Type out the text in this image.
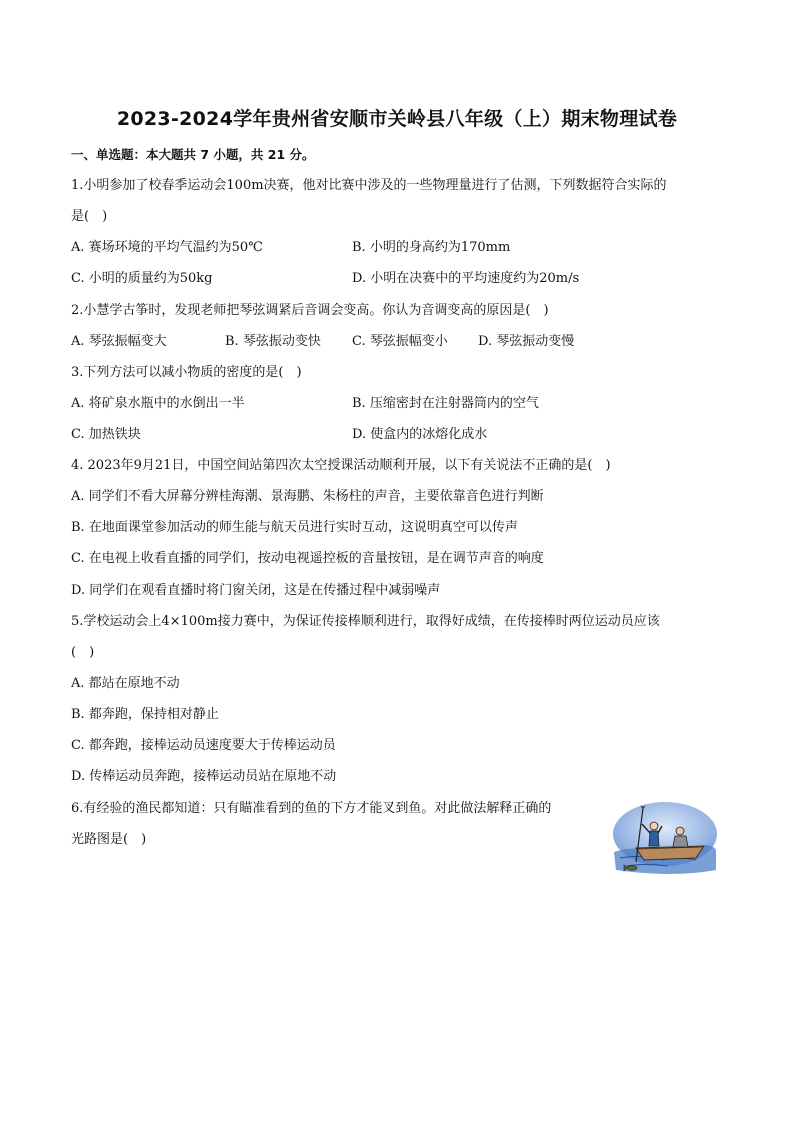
2023-2024学年贵州省安顺市关岭县八年级（上）期末物理试卷
一、单选题：本大题共 7 小题，共 21 分。
1.小明参加了校春季运动会100m决赛，他对比赛中涉及的一些物理量进行了估测，下列数据符合实际的
是(　)
A. 赛场环境的平均气温约为50℃	B. 小明的身高约为170mm
C. 小明的质量约为50kg	D. 小明在决赛中的平均速度约为20m/s
2.小慧学古筝时，发现老师把琴弦调紧后音调会变高。你认为音调变高的原因是(　)
A. 琴弦振幅变大	B. 琴弦振动变快 C. 琴弦振幅变小 D. 琴弦振动变慢
3.下列方法可以减小物质的密度的是(　)
A. 将矿泉水瓶中的水倒出一半	B. 压缩密封在注射器筒内的空气
C. 加热铁块	D. 使盒内的冰熔化成水
4. 2023年9月21日，中国空间站第四次太空授课活动顺利开展，以下有关说法不正确的是(　)
A. 同学们不看大屏幕分辨桂海潮、景海鹏、朱杨柱的声音，主要依靠音色进行判断
B. 在地面课堂参加活动的师生能与航天员进行实时互动，这说明真空可以传声
C. 在电视上收看直播的同学们，按动电视遥控板的音量按钮，是在调节声音的响度
D. 同学们在观看直播时将门窗关闭，这是在传播过程中减弱噪声
5.学校运动会上4×100m接力赛中，为保证传接棒顺利进行，取得好成绩，在传接棒时两位运动员应该
(　)
A. 都站在原地不动
B. 都奔跑，保持相对静止
C. 都奔跑，接棒运动员速度要大于传棒运动员
D. 传棒运动员奔跑，接棒运动员站在原地不动
6.有经验的渔民都知道：只有瞄准看到的鱼的下方才能叉到鱼。对此做法解释正确的
光路图是(　)
